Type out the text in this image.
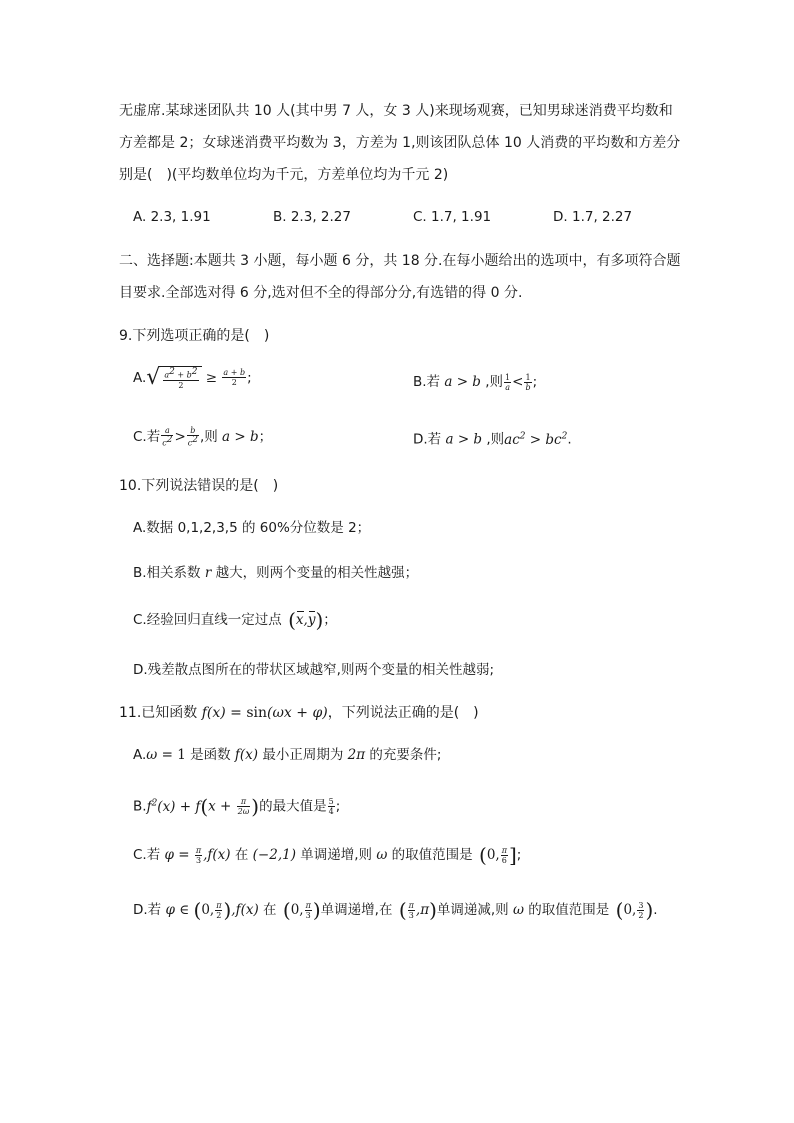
无虚席.某球迷团队共 10 人(其中男 7 人，女 3 人)来现场观赛，已知男球迷消费平均数和
方差都是 2；女球迷消费平均数为 3，方差为 1,则该团队总体 10 人消费的平均数和方差分
别是(　)(平均数单位均为千元，方差单位均为千元 2)
A. 2.3, 1.91	B. 2.3, 2.27	C. 1.7, 1.91	D. 1.7, 2.27
二、选择题:本题共 3 小题，每小题 6 分，共 18 分.在每小题给出的选项中，有多项符合题
目要求.全部选对得 6 分,选对但不全的得部分分,有选错的得 0 分.
9.下列选项正确的是(　)
$A.√ \frac{a2 + b2}{2} \ge \frac{a + b}{2}$ ;	B.若 a > b ,则 $\frac{1}{a} < \frac{1}{b}$ ;
C.若 $\frac{a}{c2} > \frac{b}{c2}$ ,则 a > b；	D.若 a > b ,则$ac^2 > bc^2$.
10.下列说法错误的是(　)
A.数据 0,1,2,3,5 的 60%分位数是 2；
B.相关系数 r 越大，则两个变量的相关性越强；
C.经验回归直线一定过点 (x,y)；
D.残差散点图所在的带状区域越窄,则两个变量的相关性越弱;
11.已知函数 f(x) = sin(ωx + φ)，下列说法正确的是(　)
A.ω = 1 是函数 f(x) 最小正周期为 2π 的充要条件;
$B.f^2(x) + f(x + \frac{\pi}{2\omega}$ )的最大值是 $\frac{5}{4}$ ;
C.若 $\varphi = \frac{\pi}{3} ,f(x)$ 在 (−2,1) 单调递增,则 ω 的取值范围是 (0, $\frac{\pi}{6}$ ];
D.若 φ ∈ (0, $\frac{\pi}{2} ),f(x)$ 在 (0, $\frac{\pi}{3}$ )单调递增,在 ( $\frac{\pi}{3} ,\pi$)单调递减,则 ω 的取值范围是 (0, $\frac{3}{2}$ ).
